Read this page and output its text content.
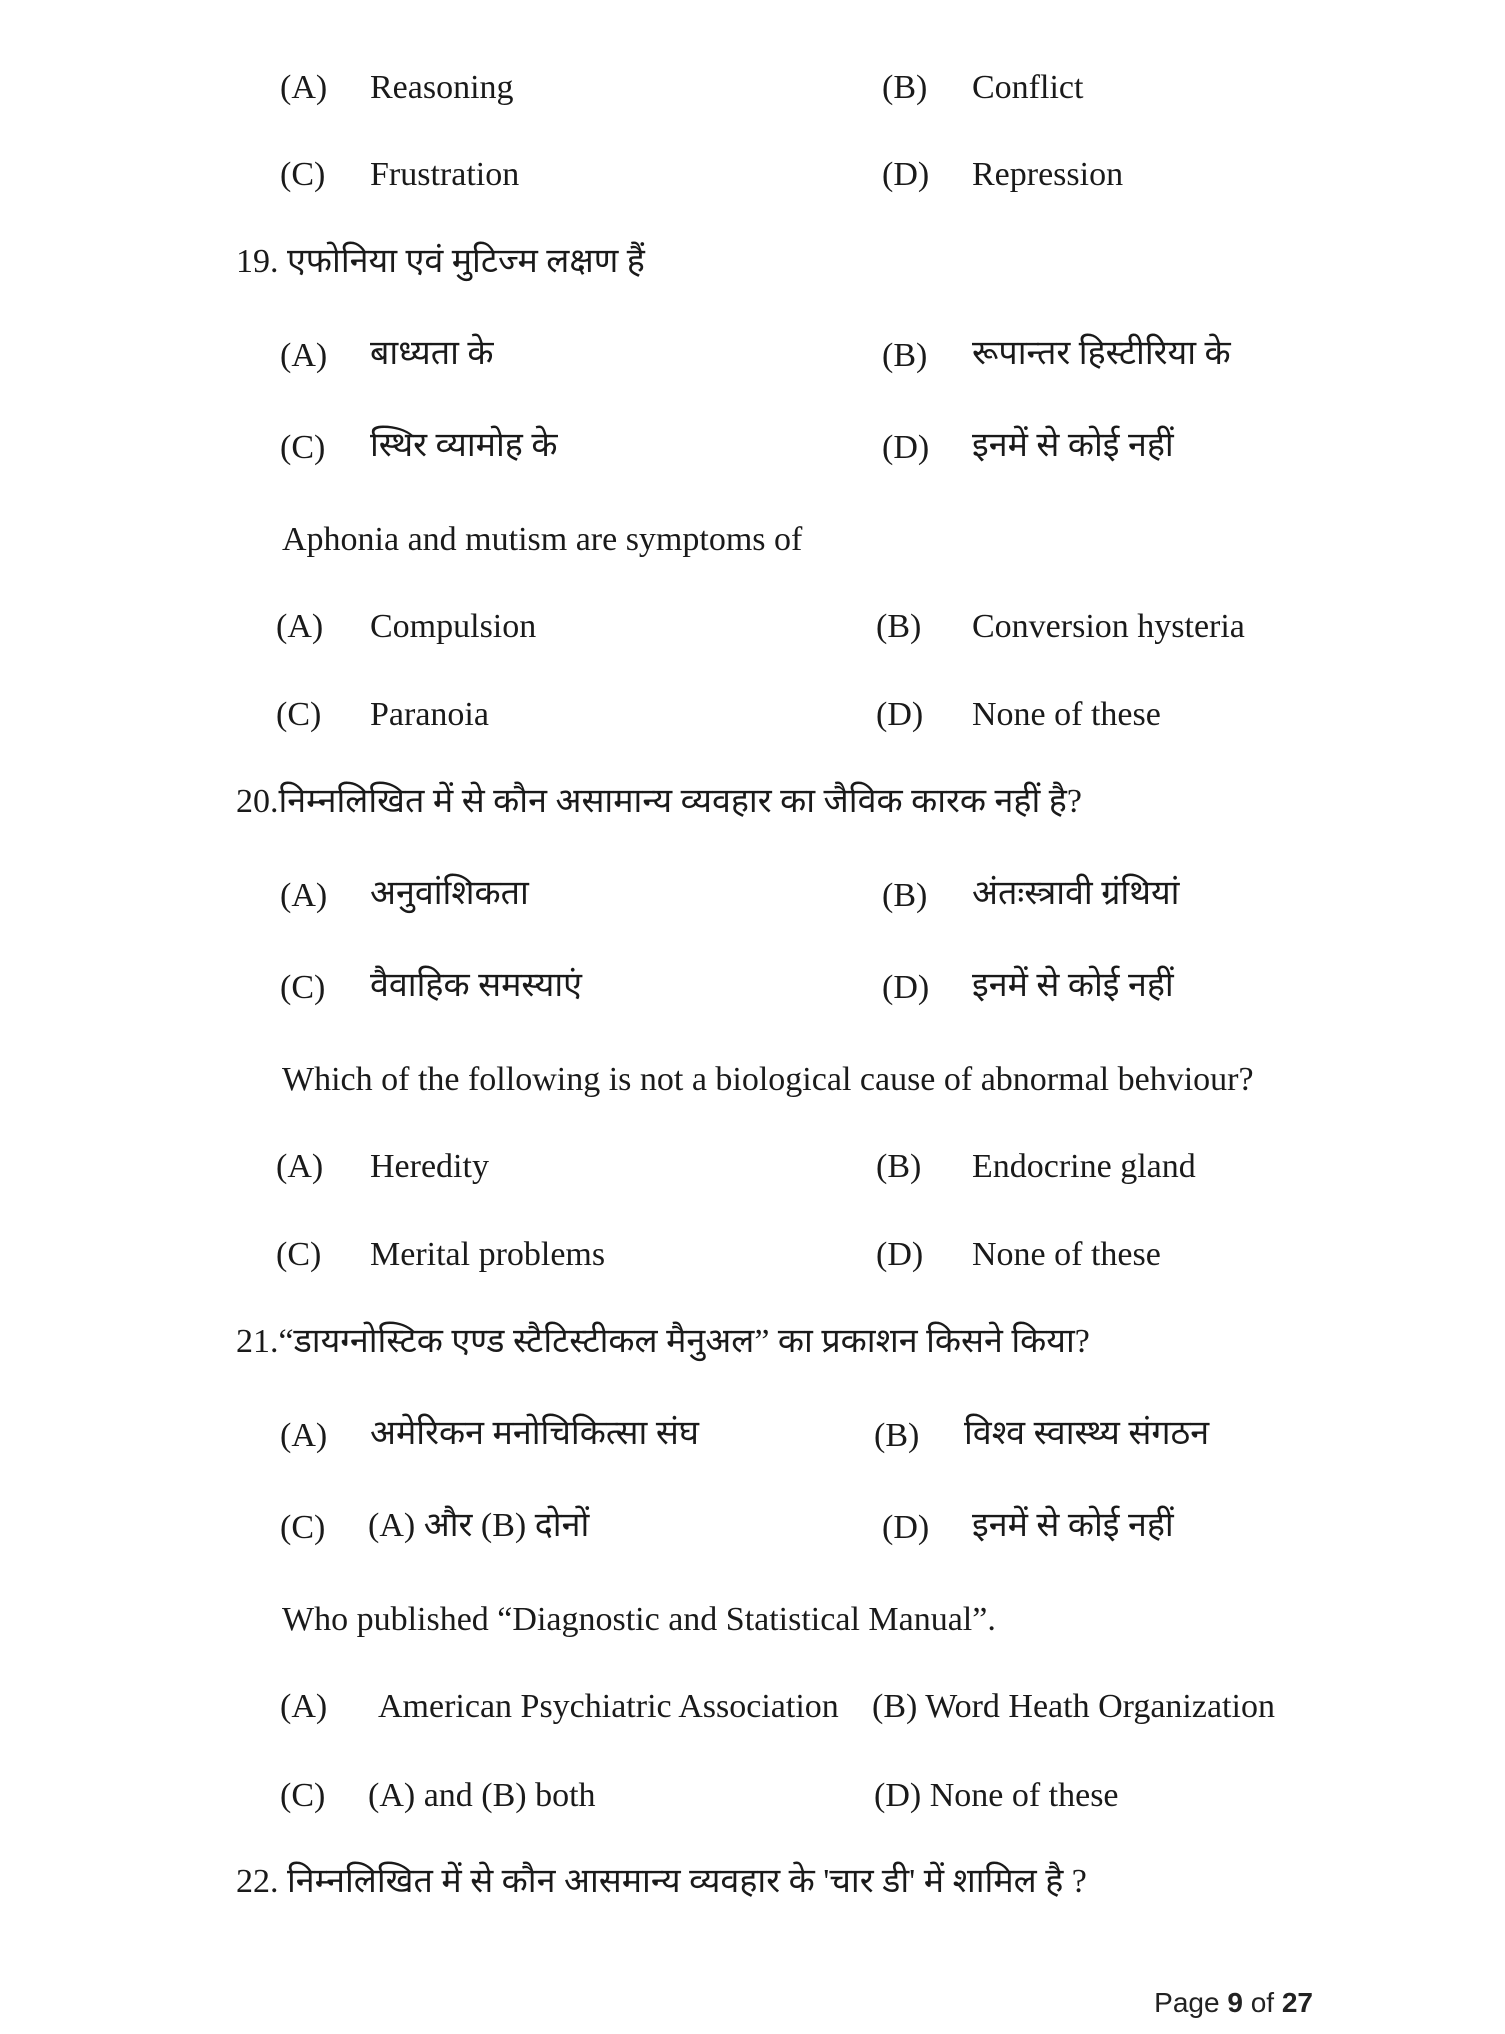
(A) Reasoning	(B) Conflict
(C) Frustration	(D) Repression
19. एफोनिया एवं मुटिज्म लक्षण हैं
(A) बाध्यता के	(B) रूपान्तर हिस्टीरिया के
(C) स्थिर व्यामोह के	(D) इनमें से कोई नहीं
Aphonia and mutism are symptoms of
(A) Compulsion	(B) Conversion hysteria
(C) Paranoia	(D) None of these
20.निम्नलिखित में से कौन असामान्य व्यवहार का जैविक कारक नहीं है?
(A) अनुवांशिकता	(B) अंतःस्त्रावी ग्रंथियां
(C) वैवाहिक समस्याएं	(D) इनमें से कोई नहीं
Which of the following is not a biological cause of abnormal behviour?
(A) Heredity	(B) Endocrine gland
(C) Merital problems	(D) None of these
21.“डायग्नोस्टिक एण्ड स्टैटिस्टीकल मैनुअल” का प्रकाशन किसने किया?
(A) अमेरिकन मनोचिकित्सा संघ	(B) विश्व स्वास्थ्य संगठन
(C) (A) और (B) दोनों	(D) इनमें से कोई नहीं
Who published “Diagnostic and Statistical Manual”.
(A) American Psychiatric Association (B) Word Heath Organization
(C) (A) and (B) both	(D) None of these
22. निम्नलिखित में से कौन आसमान्य व्यवहार के 'चार डी' में शामिल है ?
Page 9 of 27
